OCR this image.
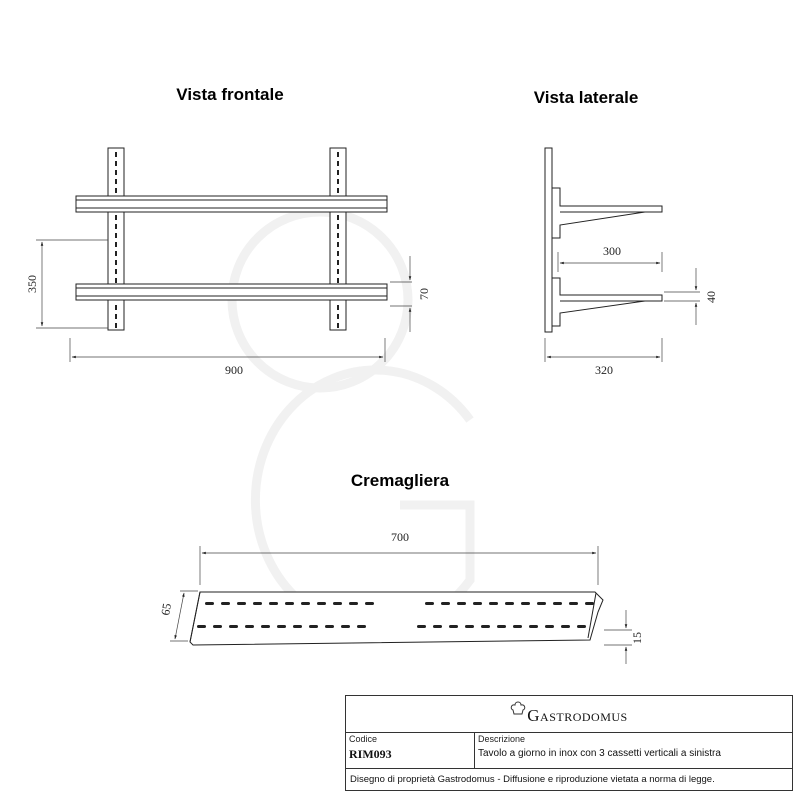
Vista frontale	Vista laterale
Cremagliera
350
70
900
300
40
320
700
65
15
Gastrodomus
Codice
RIM093
Descrizione
Tavolo a giorno in inox con 3 cassetti verticali a sinistra
Disegno di proprietà Gastrodomus - Diffusione e riproduzione vietata a norma di legge.
